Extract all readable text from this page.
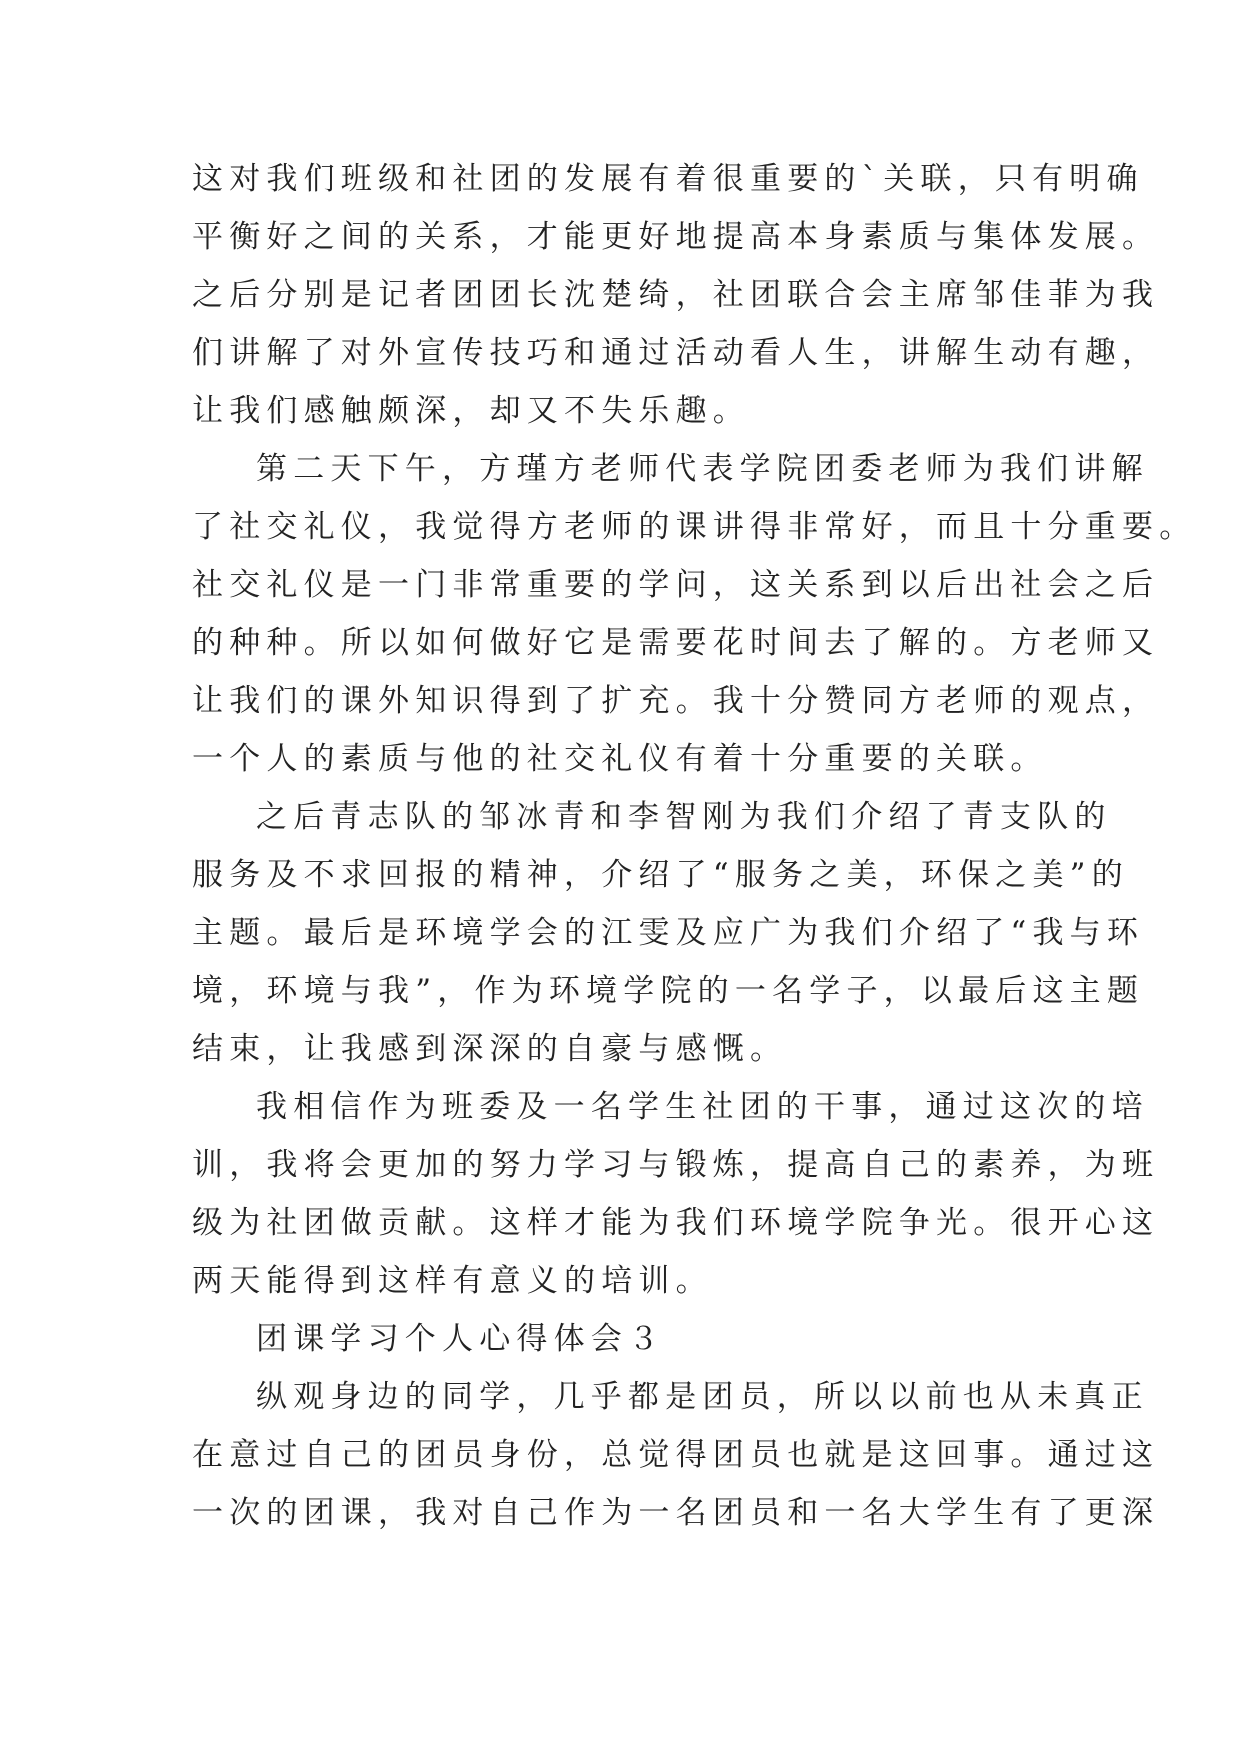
这对我们班级和社团的发展有着很重要的`关联，只有明确
平衡好之间的关系，才能更好地提高本身素质与集体发展。
之后分别是记者团团长沈楚绮，社团联合会主席邹佳菲为我
们讲解了对外宣传技巧和通过活动看人生，讲解生动有趣，
让我们感触颇深，却又不失乐趣。
第二天下午，方瑾方老师代表学院团委老师为我们讲解
了社交礼仪，我觉得方老师的课讲得非常好，而且十分重要。
社交礼仪是一门非常重要的学问，这关系到以后出社会之后
的种种。所以如何做好它是需要花时间去了解的。方老师又
让我们的课外知识得到了扩充。我十分赞同方老师的观点，
一个人的素质与他的社交礼仪有着十分重要的关联。
之后青志队的邹冰青和李智刚为我们介绍了青支队的
服务及不求回报的精神，介绍了“服务之美，环保之美”的
主题。最后是环境学会的江雯及应广为我们介绍了“我与环
境，环境与我”，作为环境学院的一名学子，以最后这主题
结束，让我感到深深的自豪与感慨。
我相信作为班委及一名学生社团的干事，通过这次的培
训，我将会更加的努力学习与锻炼，提高自己的素养，为班
级为社团做贡献。这样才能为我们环境学院争光。很开心这
两天能得到这样有意义的培训。
团课学习个人心得体会３
纵观身边的同学，几乎都是团员，所以以前也从未真正
在意过自己的团员身份，总觉得团员也就是这回事。通过这
一次的团课，我对自己作为一名团员和一名大学生有了更深
